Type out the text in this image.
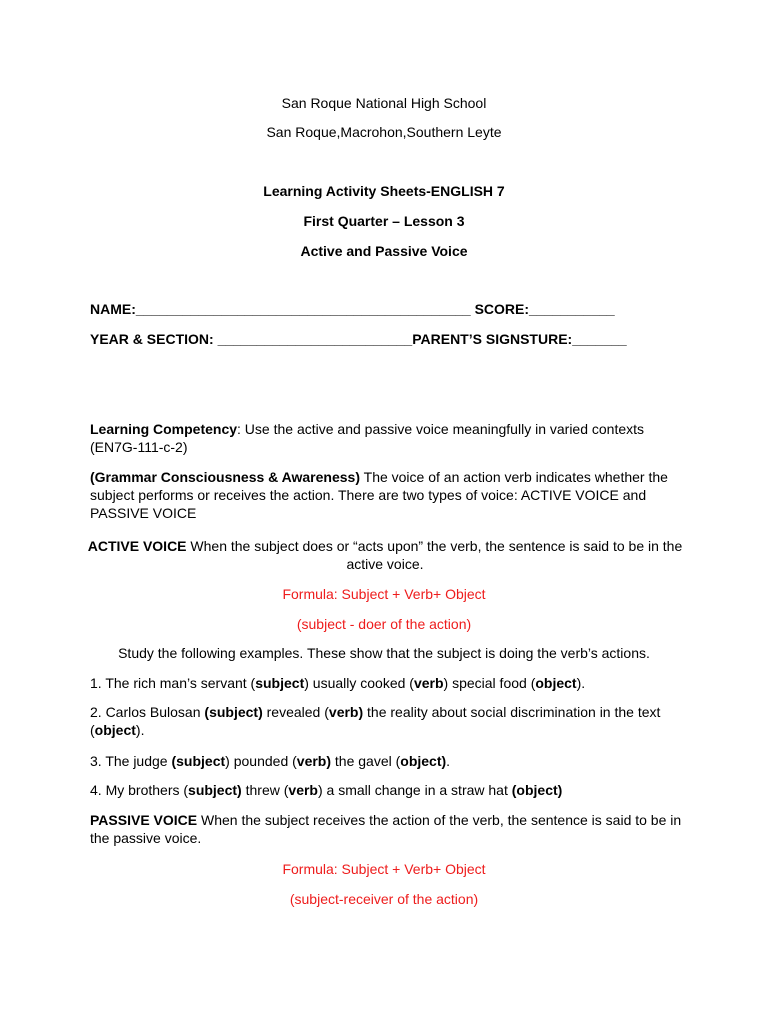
San Roque National High School
San Roque,Macrohon,Southern Leyte
Learning Activity Sheets-ENGLISH 7
First Quarter – Lesson 3
Active and Passive Voice
NAME:___________________________________________ SCORE:___________
YEAR & SECTION: _________________________PARENT’S SIGNSTURE:_______
Learning Competency: Use the active and passive voice meaningfully in varied contexts (EN7G-111-c-2)
(Grammar Consciousness & Awareness) The voice of an action verb indicates whether the subject performs or receives the action. There are two types of voice: ACTIVE VOICE and PASSIVE VOICE
ACTIVE VOICE When the subject does or “acts upon” the verb, the sentence is said to be in the active voice.
Formula: Subject + Verb+ Object
(subject - doer of the action)
Study the following examples. These show that the subject is doing the verb’s actions.
1. The rich man’s servant (subject) usually cooked (verb) special food (object).
2. Carlos Bulosan (subject) revealed (verb) the reality about social discrimination in the text (object).
3. The judge (subject) pounded (verb) the gavel (object).
4. My brothers (subject) threw (verb) a small change in a straw hat (object)
PASSIVE VOICE When the subject receives the action of the verb, the sentence is said to be in the passive voice.
Formula: Subject + Verb+ Object
(subject-receiver of the action)
